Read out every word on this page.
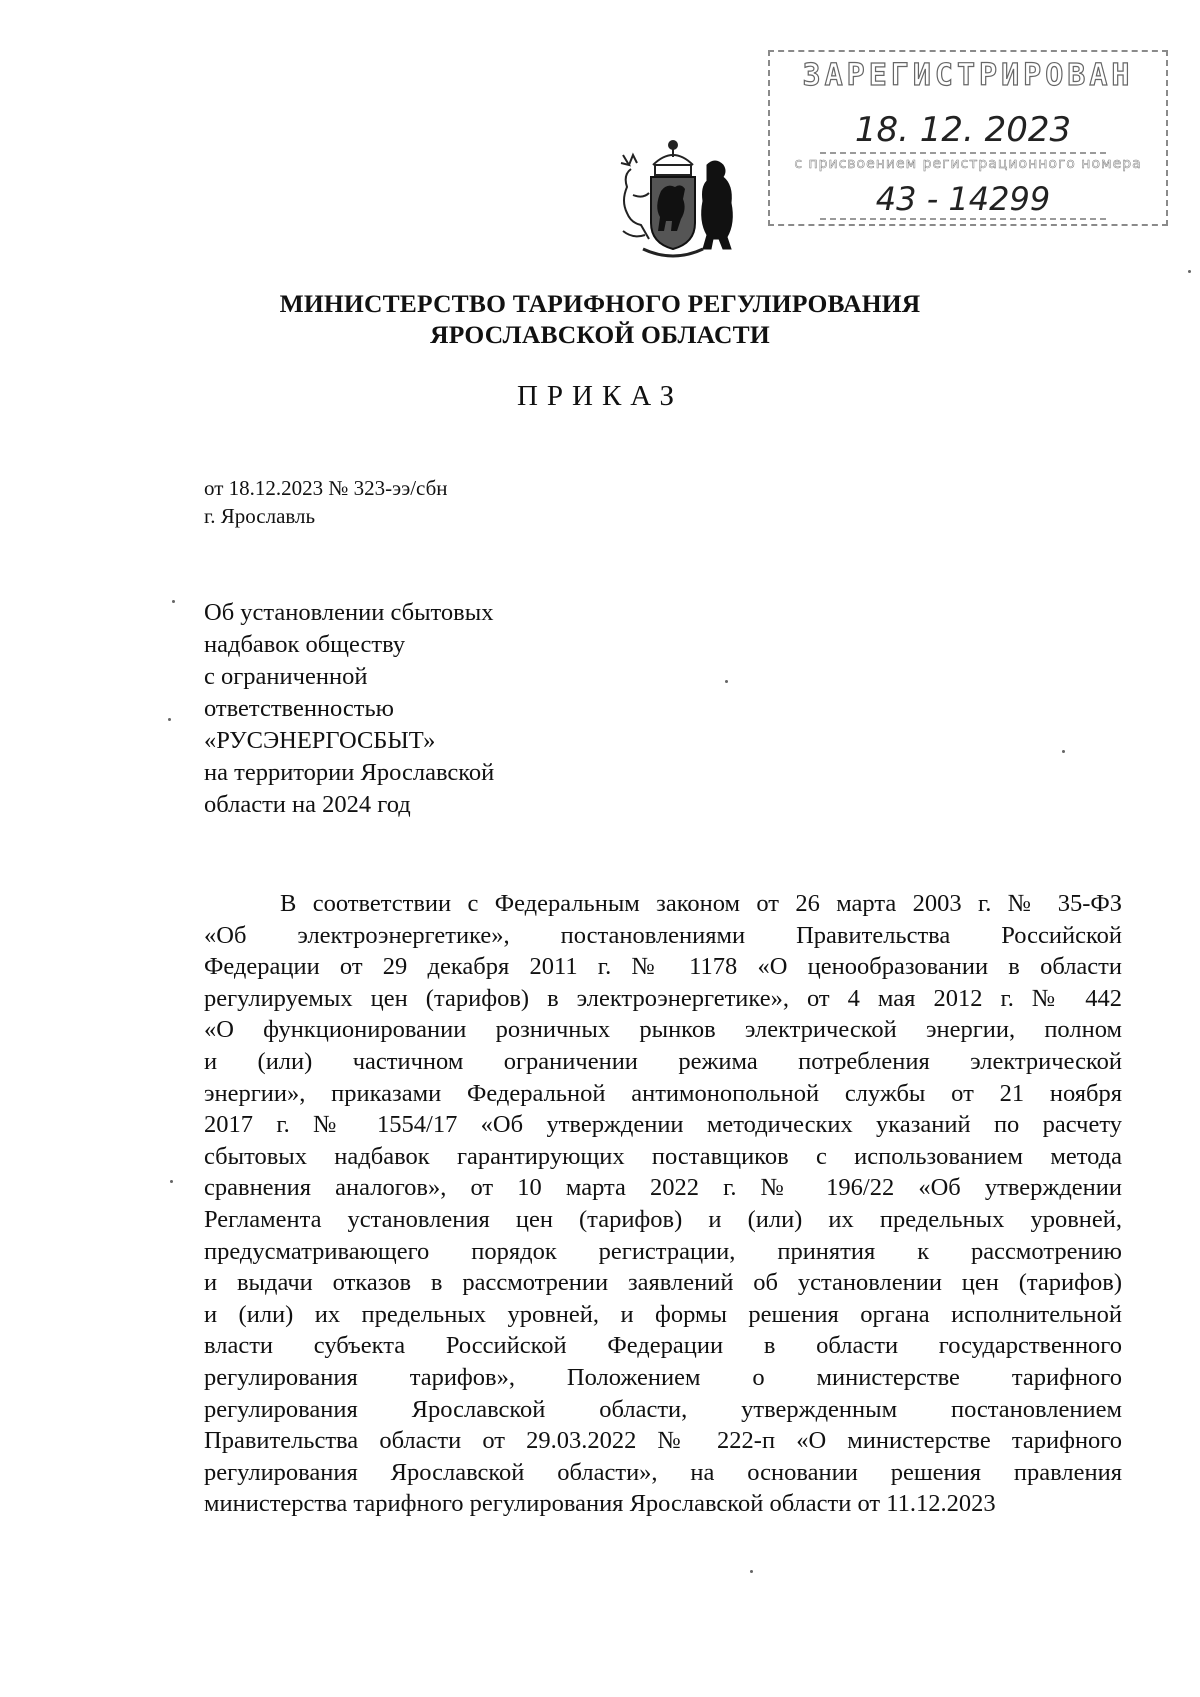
ЗАРЕГИСТРИРОВАН
18. 12. 2023
с присвоением регистрационного номера
43 - 14299
МИНИСТЕРСТВО ТАРИФНОГО РЕГУЛИРОВАНИЯ
ЯРОСЛАВСКОЙ ОБЛАСТИ
ПРИКАЗ
от 18.12.2023 № 323-ээ/сбн
г. Ярославль
Об установлении сбытовых
надбавок обществу
с ограниченной
ответственностью
«РУСЭНЕРГОСБЫТ»
на территории Ярославской
области на 2024 год
В соответствии с Федеральным законом от 26 марта 2003 г. № 35-ФЗ
«Об электроэнергетике», постановлениями Правительства Российской
Федерации от 29 декабря 2011 г. № 1178 «О ценообразовании в области
регулируемых цен (тарифов) в электроэнергетике», от 4 мая 2012 г. № 442
«О функционировании розничных рынков электрической энергии, полном
и (или) частичном ограничении режима потребления электрической
энергии», приказами Федеральной антимонопольной службы от 21 ноября
2017 г. № 1554/17 «Об утверждении методических указаний по расчету
сбытовых надбавок гарантирующих поставщиков с использованием метода
сравнения аналогов», от 10 марта 2022 г. № 196/22 «Об утверждении
Регламента установления цен (тарифов) и (или) их предельных уровней,
предусматривающего порядок регистрации, принятия к рассмотрению
и выдачи отказов в рассмотрении заявлений об установлении цен (тарифов)
и (или) их предельных уровней, и формы решения органа исполнительной
власти субъекта Российской Федерации в области государственного
регулирования тарифов», Положением о министерстве тарифного
регулирования Ярославской области, утвержденным постановлением
Правительства области от 29.03.2022 № 222-п «О министерстве тарифного
регулирования Ярославской области», на основании решения правления
министерства тарифного регулирования Ярославской области от 11.12.2023
